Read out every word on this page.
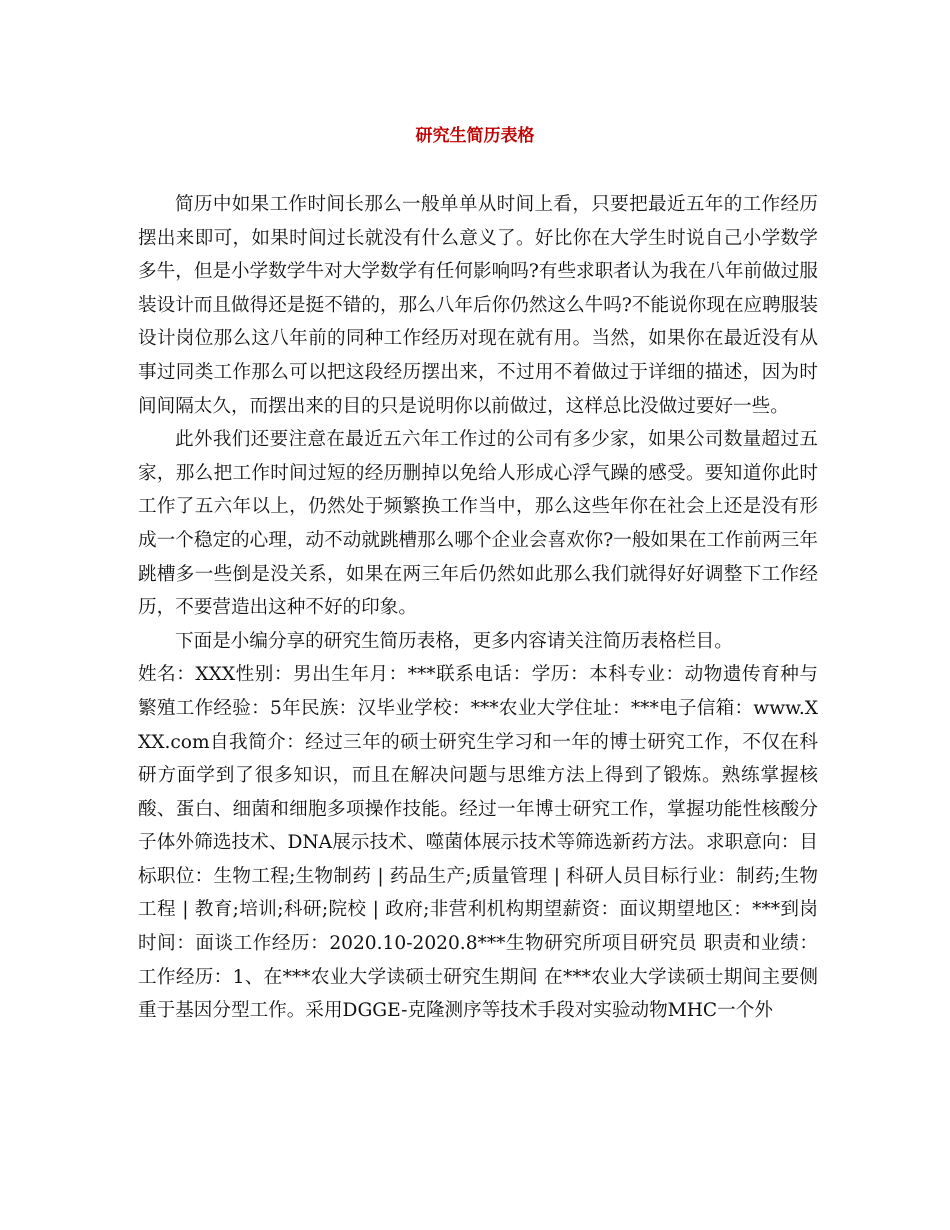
研究生简历表格

简历中如果工作时间长那么一般单单从时间上看，只要把最近五年的工作经历摆出来即可，如果时间过长就没有什么意义了。好比你在大学生时说自己小学数学多牛，但是小学数学牛对大学数学有任何影响吗?有些求职者认为我在八年前做过服装设计而且做得还是挺不错的，那么八年后你仍然这么牛吗?不能说你现在应聘服装设计岗位那么这八年前的同种工作经历对现在就有用。当然，如果你在最近没有从事过同类工作那么可以把这段经历摆出来，不过用不着做过于详细的描述，因为时间间隔太久，而摆出来的目的只是说明你以前做过，这样总比没做过要好一些。

此外我们还要注意在最近五六年工作过的公司有多少家，如果公司数量超过五家，那么把工作时间过短的经历删掉以免给人形成心浮气躁的感受。要知道你此时工作了五六年以上，仍然处于频繁换工作当中，那么这些年你在社会上还是没有形成一个稳定的心理，动不动就跳槽那么哪个企业会喜欢你?一般如果在工作前两三年跳槽多一些倒是没关系，如果在两三年后仍然如此那么我们就得好好调整下工作经历，不要营造出这种不好的印象。

下面是小编分享的研究生简历表格，更多内容请关注简历表格栏目。

姓名：XXX性别：男出生年月：***联系电话：学历：本科专业：动物遗传育种与繁殖工作经验：5年民族：汉毕业学校：***农业大学住址：***电子信箱：www.XXX.com自我简介：经过三年的硕士研究生学习和一年的博士研究工作，不仅在科研方面学到了很多知识，而且在解决问题与思维方法上得到了锻炼。熟练掌握核酸、蛋白、细菌和细胞多项操作技能。经过一年博士研究工作，掌握功能性核酸分子体外筛选技术、DNA展示技术、噬菌体展示技术等筛选新药方法。求职意向：目标职位：生物工程;生物制药 | 药品生产;质量管理 | 科研人员目标行业：制药;生物工程 | 教育;培训;科研;院校 | 政府;非营利机构期望薪资：面议期望地区：***到岗时间：面谈工作经历：2020.10-2020.8***生物研究所项目研究员 职责和业绩：工作经历：1、在***农业大学读硕士研究生期间 在***农业大学读硕士期间主要侧重于基因分型工作。采用DGGE-克隆测序等技术手段对实验动物MHC一个外
